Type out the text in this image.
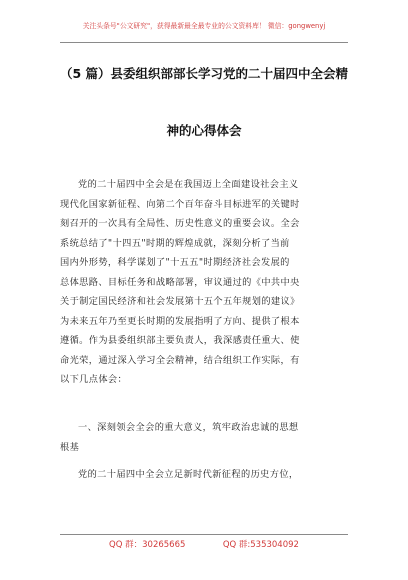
关注头条号"公文研究"，获得最新最全最专业的公文资料库！ 微信：gongwenyj
（5 篇）县委组织部部长学习党的二十届四中全会精
神的心得体会
党的二十届四中全会是在我国迈上全面建设社会主义
现代化国家新征程、向第二个百年奋斗目标进军的关键时
刻召开的一次具有全局性、历史性意义的重要会议。全会
系统总结了"十四五"时期的辉煌成就，深刻分析了当前
国内外形势，科学谋划了"十五五"时期经济社会发展的
总体思路、目标任务和战略部署，审议通过的《中共中央
关于制定国民经济和社会发展第十五个五年规划的建议》
为未来五年乃至更长时期的发展指明了方向、提供了根本
遵循。作为县委组织部主要负责人，我深感责任重大、使
命光荣，通过深入学习全会精神，结合组织工作实际，有
以下几点体会：
一、深刻领会全会的重大意义，筑牢政治忠诚的思想
根基
党的二十届四中全会立足新时代新征程的历史方位，
QQ 群：30265665	QQ 群:535304092
